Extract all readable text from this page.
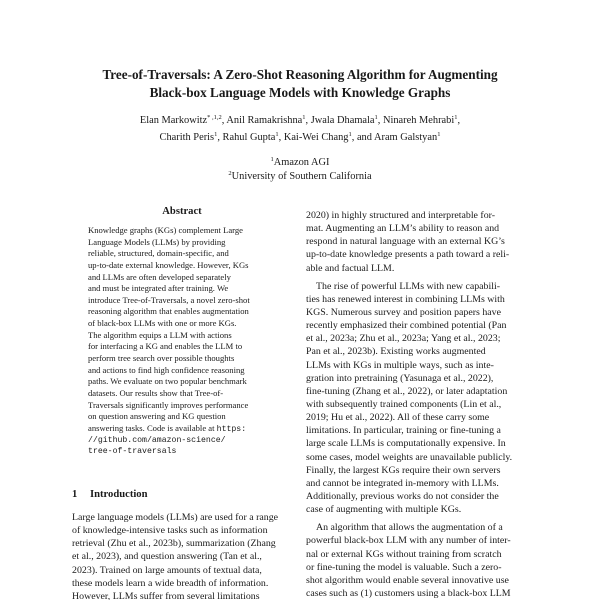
Tree-of-Traversals: A Zero-Shot Reasoning Algorithm for Augmenting
Black-box Language Models with Knowledge Graphs
Elan Markowitz$^{* ,1,2}$, Anil Ramakrishna$^1$, Jwala Dhamala$^1$, Ninareh Mehrabi$^1$,
Charith Peris$^1$, Rahul Gupta$^1$, Kai-Wei Chang$^1$, and Aram Galstyan$^1$
$^1$Amazon AGI
$^2$University of Southern California
Abstract
Knowledge graphs (KGs) complement Large
Language Models (LLMs) by providing
reliable, structured, domain-specific, and
up-to-date external knowledge. However, KGs
and LLMs are often developed separately
and must be integrated after training. We
introduce Tree-of-Traversals, a novel zero-shot
reasoning algorithm that enables augmentation
of black-box LLMs with one or more KGs.
The algorithm equips a LLM with actions
for interfacing a KG and enables the LLM to
perform tree search over possible thoughts
and actions to find high confidence reasoning
paths. We evaluate on two popular benchmark
datasets. Our results show that Tree-of-
Traversals significantly improves performance
on question answering and KG question
answering tasks. Code is available at https:
//github.com/amazon-science/
tree-of-traversals
1 Introduction
Large language models (LLMs) are used for a range
of knowledge-intensive tasks such as information
retrieval (Zhu et al., 2023b), summarization (Zhang
et al., 2023), and question answering (Tan et al.,
2023). Trained on large amounts of textual data,
these models learn a wide breadth of information.
However, LLMs suffer from several limitations
2020) in highly structured and interpretable for-
mat. Augmenting an LLM’s ability to reason and
respond in natural language with an external KG’s
up-to-date knowledge presents a path toward a reli-
able and factual LLM.
The rise of powerful LLMs with new capabili-
ties has renewed interest in combining LLMs with
KGS. Numerous survey and position papers have
recently emphasized their combined potential (Pan
et al., 2023a; Zhu et al., 2023a; Yang et al., 2023;
Pan et al., 2023b). Existing works augmented
LLMs with KGs in multiple ways, such as inte-
gration into pretraining (Yasunaga et al., 2022),
fine-tuning (Zhang et al., 2022), or later adaptation
with subsequently trained components (Lin et al.,
2019; Hu et al., 2022). All of these carry some
limitations. In particular, training or fine-tuning a
large scale LLMs is computationally expensive. In
some cases, model weights are unavailable publicly.
Finally, the largest KGs require their own servers
and cannot be integrated in-memory with LLMs.
Additionally, previous works do not consider the
case of augmenting with multiple KGs.
An algorithm that allows the augmentation of a
powerful black-box LLM with any number of inter-
nal or external KGs without training from scratch
or fine-tuning the model is valuable. Such a zero-
shot algorithm would enable several innovative use
cases such as (1) customers using a black-box LLM
